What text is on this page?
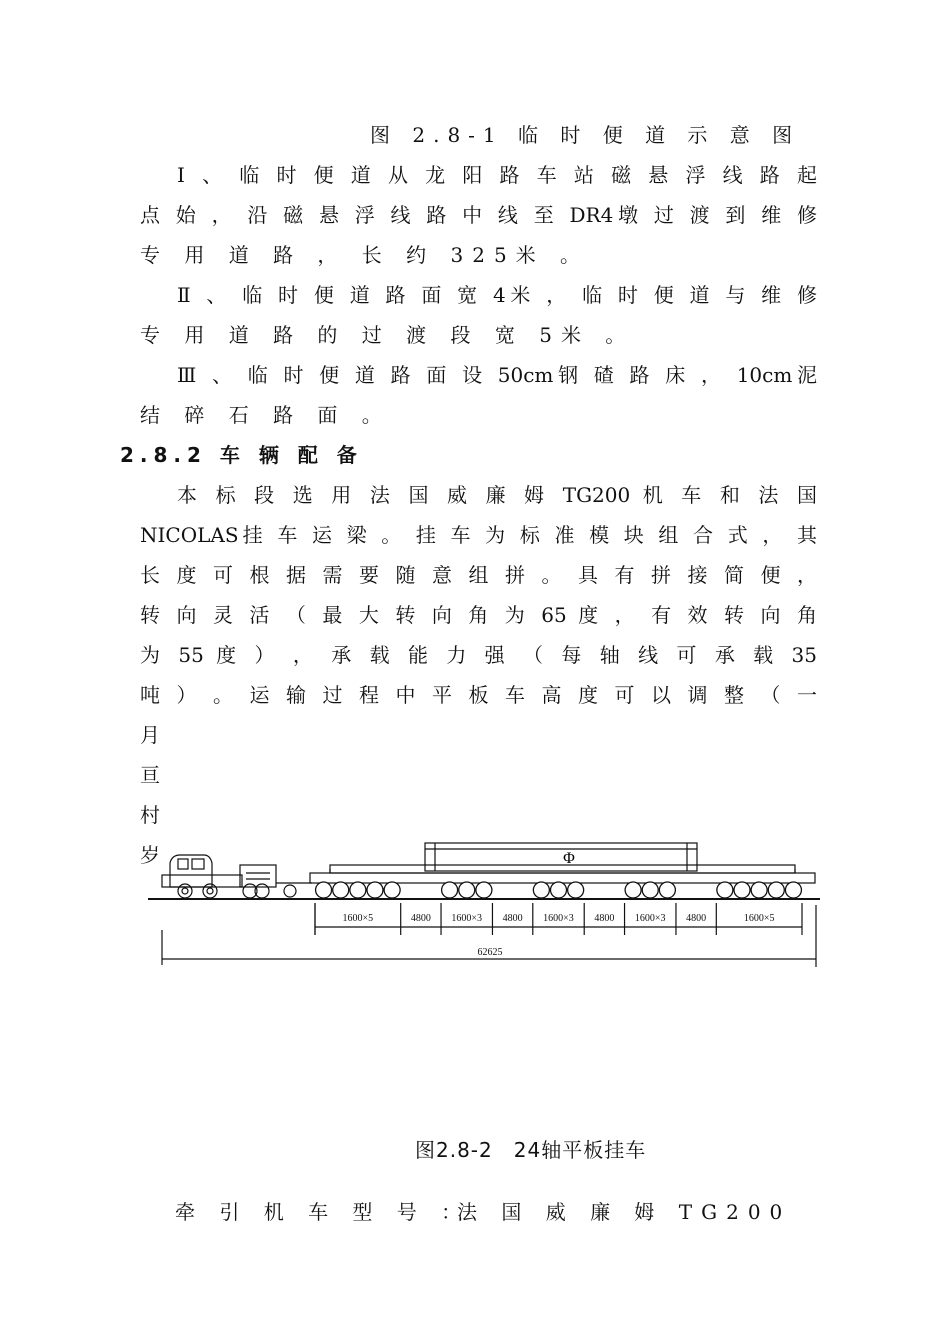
图 2.8-1 临 时 便 道 示 意 图
Ⅰ 、 临 时 便 道 从 龙 阳 路 车 站 磁 悬 浮 线 路 起
点 始 ， 沿 磁 悬 浮 线 路 中 线 至 DR4墩 过 渡 到 维 修
专 用 道 路 ， 长 约 325米 。
Ⅱ 、 临 时 便 道 路 面 宽 4米 ， 临 时 便 道 与 维 修
专 用 道 路 的 过 渡 段 宽 5米 。
Ⅲ 、 临 时 便 道 路 面 设 50cm钢 碴 路 床 ， 10cm泥
结 碎 石 路 面 。
2.8.2 车 辆 配 备
本 标 段 选 用 法 国 威 廉 姆 TG200 机 车 和 法 国
NICOLAS挂 车 运 梁 。 挂 车 为 标 准 模 块 组 合 式 ， 其
长 度 可 根 据 需 要 随 意 组 拼 。 具 有 拼 接 简 便 ，
转 向 灵 活 （ 最 大 转 向 角 为 65 度 ， 有 效 转 向 角
为 55 度 ） ， 承 载 能 力 强 （ 每 轴 线 可 承 载 35
吨 ） 。 运 输 过 程 中 平 板 车 高 度 可 以 调 整 （ 一
月
亘
村
岁	Φ
1600×5	4800 1600×3 4800 1600×3 4800 1600×3 4800	1600×5
62625
图2.8-2　24轴平板挂车
牵 引 机 车 型 号 ：
法 国 威 廉 姆 TG200
